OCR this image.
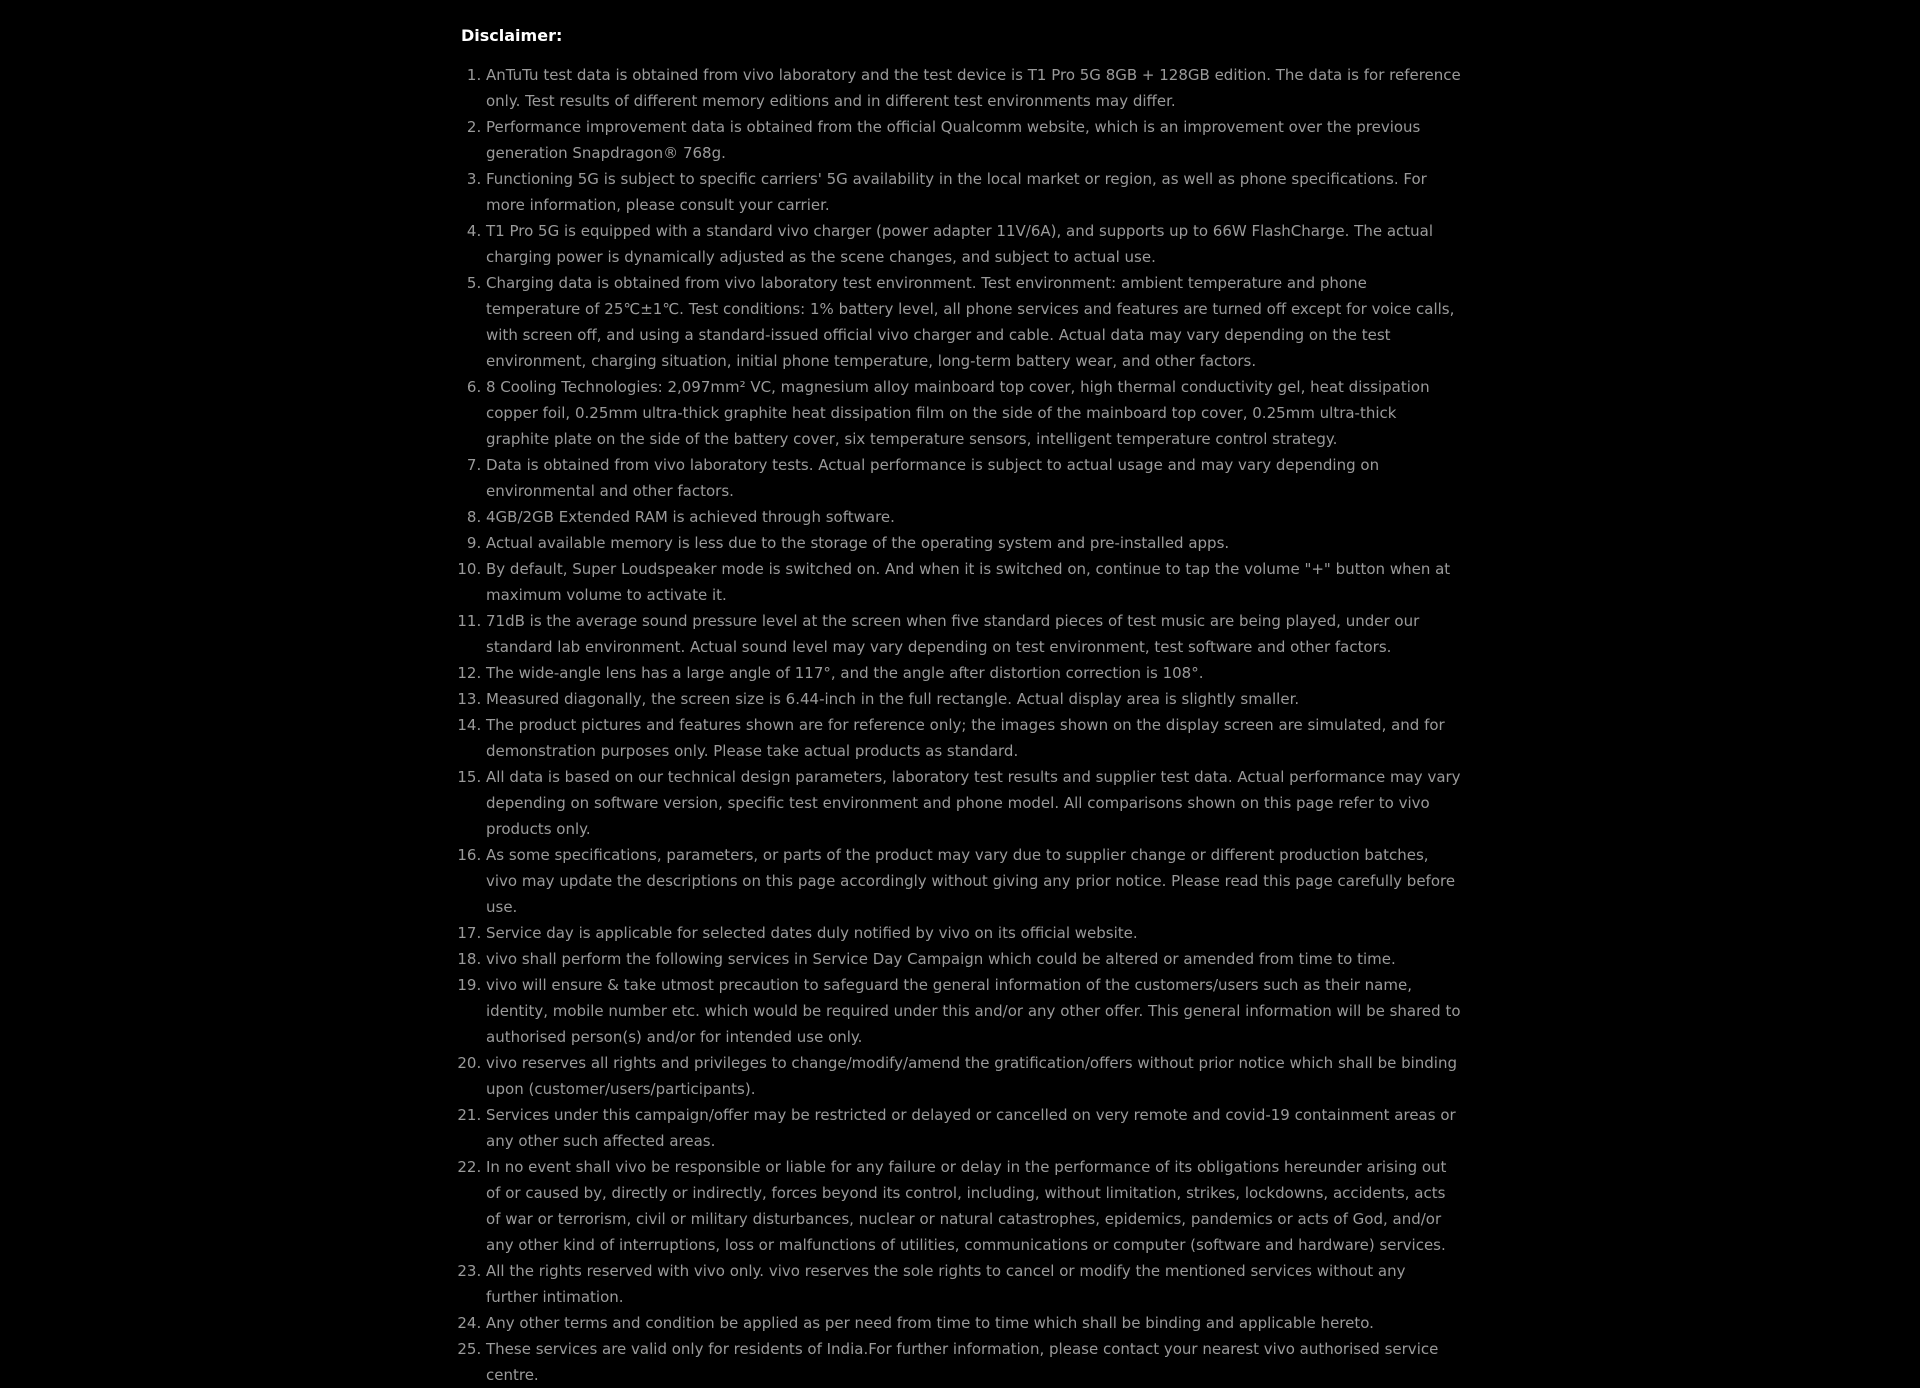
Disclaimer:
1. AnTuTu test data is obtained from vivo laboratory and the test device is T1 Pro 5G 8GB + 128GB edition. The data is for reference only. Test results of different memory editions and in different test environments may differ.
2. Performance improvement data is obtained from the official Qualcomm website, which is an improvement over the previous generation Snapdragon® 768g.
3. Functioning 5G is subject to specific carriers' 5G availability in the local market or region, as well as phone specifications. For more information, please consult your carrier.
4. T1 Pro 5G is equipped with a standard vivo charger (power adapter 11V/6A), and supports up to 66W FlashCharge. The actual charging power is dynamically adjusted as the scene changes, and subject to actual use.
5. Charging data is obtained from vivo laboratory test environment. Test environment: ambient temperature and phone temperature of 25℃±1℃. Test conditions: 1% battery level, all phone services and features are turned off except for voice calls, with screen off, and using a standard-issued official vivo charger and cable. Actual data may vary depending on the test environment, charging situation, initial phone temperature, long-term battery wear, and other factors.
6. 8 Cooling Technologies: 2,097mm² VC, magnesium alloy mainboard top cover, high thermal conductivity gel, heat dissipation copper foil, 0.25mm ultra-thick graphite heat dissipation film on the side of the mainboard top cover, 0.25mm ultra-thick graphite plate on the side of the battery cover, six temperature sensors, intelligent temperature control strategy.
7. Data is obtained from vivo laboratory tests. Actual performance is subject to actual usage and may vary depending on environmental and other factors.
8. 4GB/2GB Extended RAM is achieved through software.
9. Actual available memory is less due to the storage of the operating system and pre-installed apps.
10. By default, Super Loudspeaker mode is switched on. And when it is switched on, continue to tap the volume "+" button when at maximum volume to activate it.
11. 71dB is the average sound pressure level at the screen when five standard pieces of test music are being played, under our standard lab environment. Actual sound level may vary depending on test environment, test software and other factors.
12. The wide-angle lens has a large angle of 117°, and the angle after distortion correction is 108°.
13. Measured diagonally, the screen size is 6.44-inch in the full rectangle. Actual display area is slightly smaller.
14. The product pictures and features shown are for reference only; the images shown on the display screen are simulated, and for demonstration purposes only. Please take actual products as standard.
15. All data is based on our technical design parameters, laboratory test results and supplier test data. Actual performance may vary depending on software version, specific test environment and phone model. All comparisons shown on this page refer to vivo products only.
16. As some specifications, parameters, or parts of the product may vary due to supplier change or different production batches, vivo may update the descriptions on this page accordingly without giving any prior notice. Please read this page carefully before use.
17. Service day is applicable for selected dates duly notified by vivo on its official website.
18. vivo shall perform the following services in Service Day Campaign which could be altered or amended from time to time.
19. vivo will ensure & take utmost precaution to safeguard the general information of the customers/users such as their name, identity, mobile number etc. which would be required under this and/or any other offer. This general information will be shared to authorised person(s) and/or for intended use only.
20. vivo reserves all rights and privileges to change/modify/amend the gratification/offers without prior notice which shall be binding upon (customer/users/participants).
21. Services under this campaign/offer may be restricted or delayed or cancelled on very remote and covid-19 containment areas or any other such affected areas.
22. In no event shall vivo be responsible or liable for any failure or delay in the performance of its obligations hereunder arising out of or caused by, directly or indirectly, forces beyond its control, including, without limitation, strikes, lockdowns, accidents, acts of war or terrorism, civil or military disturbances, nuclear or natural catastrophes, epidemics, pandemics or acts of God, and/or any other kind of interruptions, loss or malfunctions of utilities, communications or computer (software and hardware) services.
23. All the rights reserved with vivo only. vivo reserves the sole rights to cancel or modify the mentioned services without any further intimation.
24. Any other terms and condition be applied as per need from time to time which shall be binding and applicable hereto.
25. These services are valid only for residents of India.For further information, please contact your nearest vivo authorised service centre.
